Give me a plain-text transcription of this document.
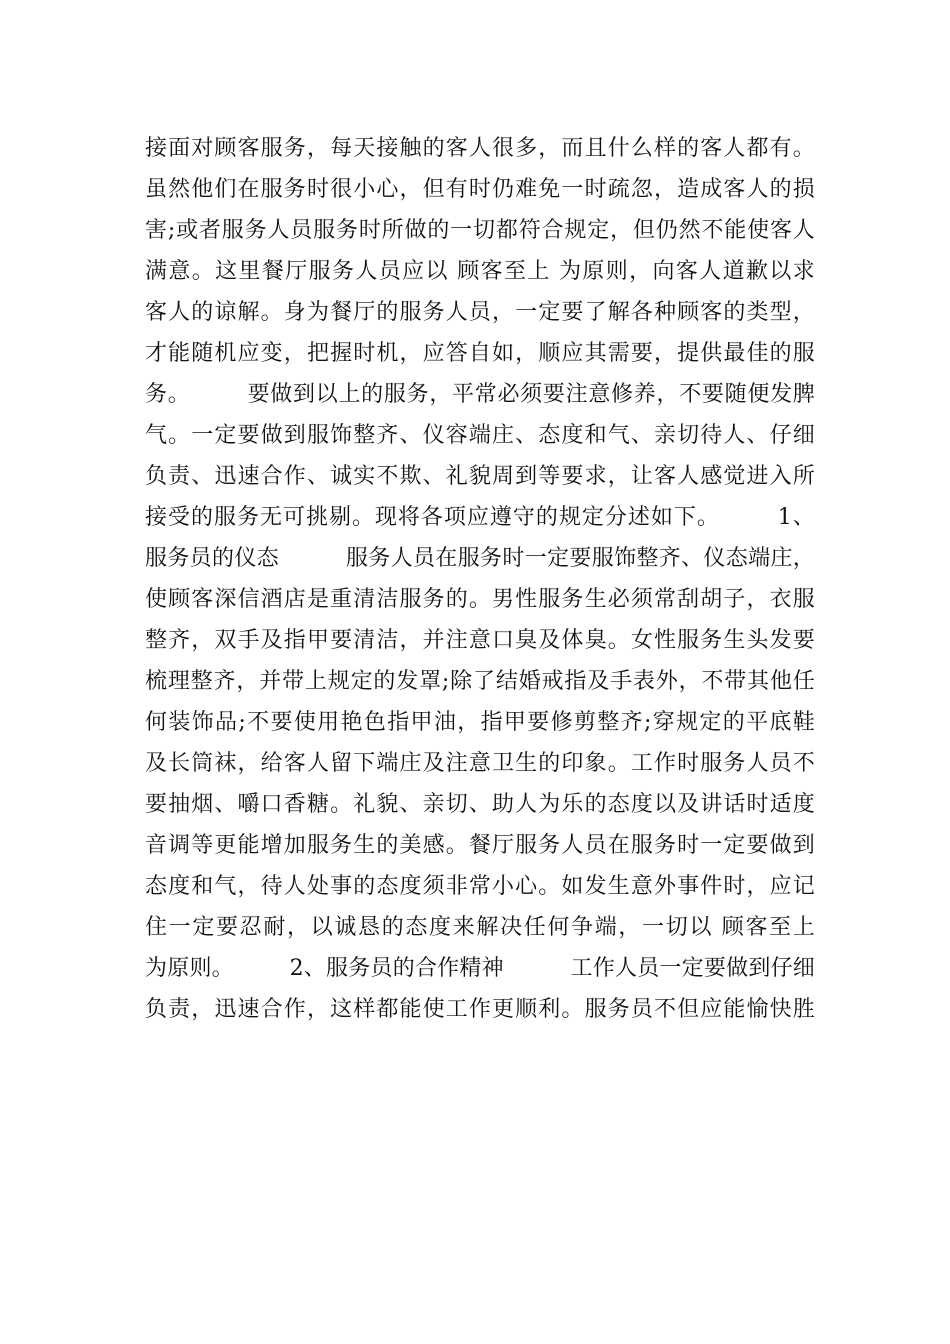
接面对顾客服务，每天接触的客人很多，而且什么样的客人都有。
虽然他们在服务时很小心，但有时仍难免一时疏忽，造成客人的损
害;或者服务人员服务时所做的一切都符合规定，但仍然不能使客人
满意。这里餐厅服务人员应以 顾客至上 为原则，向客人道歉以求
客人的谅解。身为餐厅的服务人员，一定要了解各种顾客的类型，
才能随机应变，把握时机，应答自如，顺应其需要，提供最佳的服
务。　　　要做到以上的服务，平常必须要注意修养，不要随便发脾
气。一定要做到服饰整齐、仪容端庄、态度和气、亲切待人、仔细
负责、迅速合作、诚实不欺、礼貌周到等要求，让客人感觉进入所
接受的服务无可挑剔。现将各项应遵守的规定分述如下。　　　1、
服务员的仪态　　　服务人员在服务时一定要服饰整齐、仪态端庄，
使顾客深信酒店是重清洁服务的。男性服务生必须常刮胡子，衣服
整齐，双手及指甲要清洁，并注意口臭及体臭。女性服务生头发要
梳理整齐，并带上规定的发罩;除了结婚戒指及手表外，不带其他任
何装饰品;不要使用艳色指甲油，指甲要修剪整齐;穿规定的平底鞋
及长筒袜，给客人留下端庄及注意卫生的印象。工作时服务人员不
要抽烟、嚼口香糖。礼貌、亲切、助人为乐的态度以及讲话时适度
音调等更能增加服务生的美感。餐厅服务人员在服务时一定要做到
态度和气，待人处事的态度须非常小心。如发生意外事件时，应记
住一定要忍耐，以诚恳的态度来解决任何争端，一切以 顾客至上
为原则。　　　2、服务员的合作精神　　　工作人员一定要做到仔细
负责，迅速合作，这样都能使工作更顺利。服务员不但应能愉快胜
